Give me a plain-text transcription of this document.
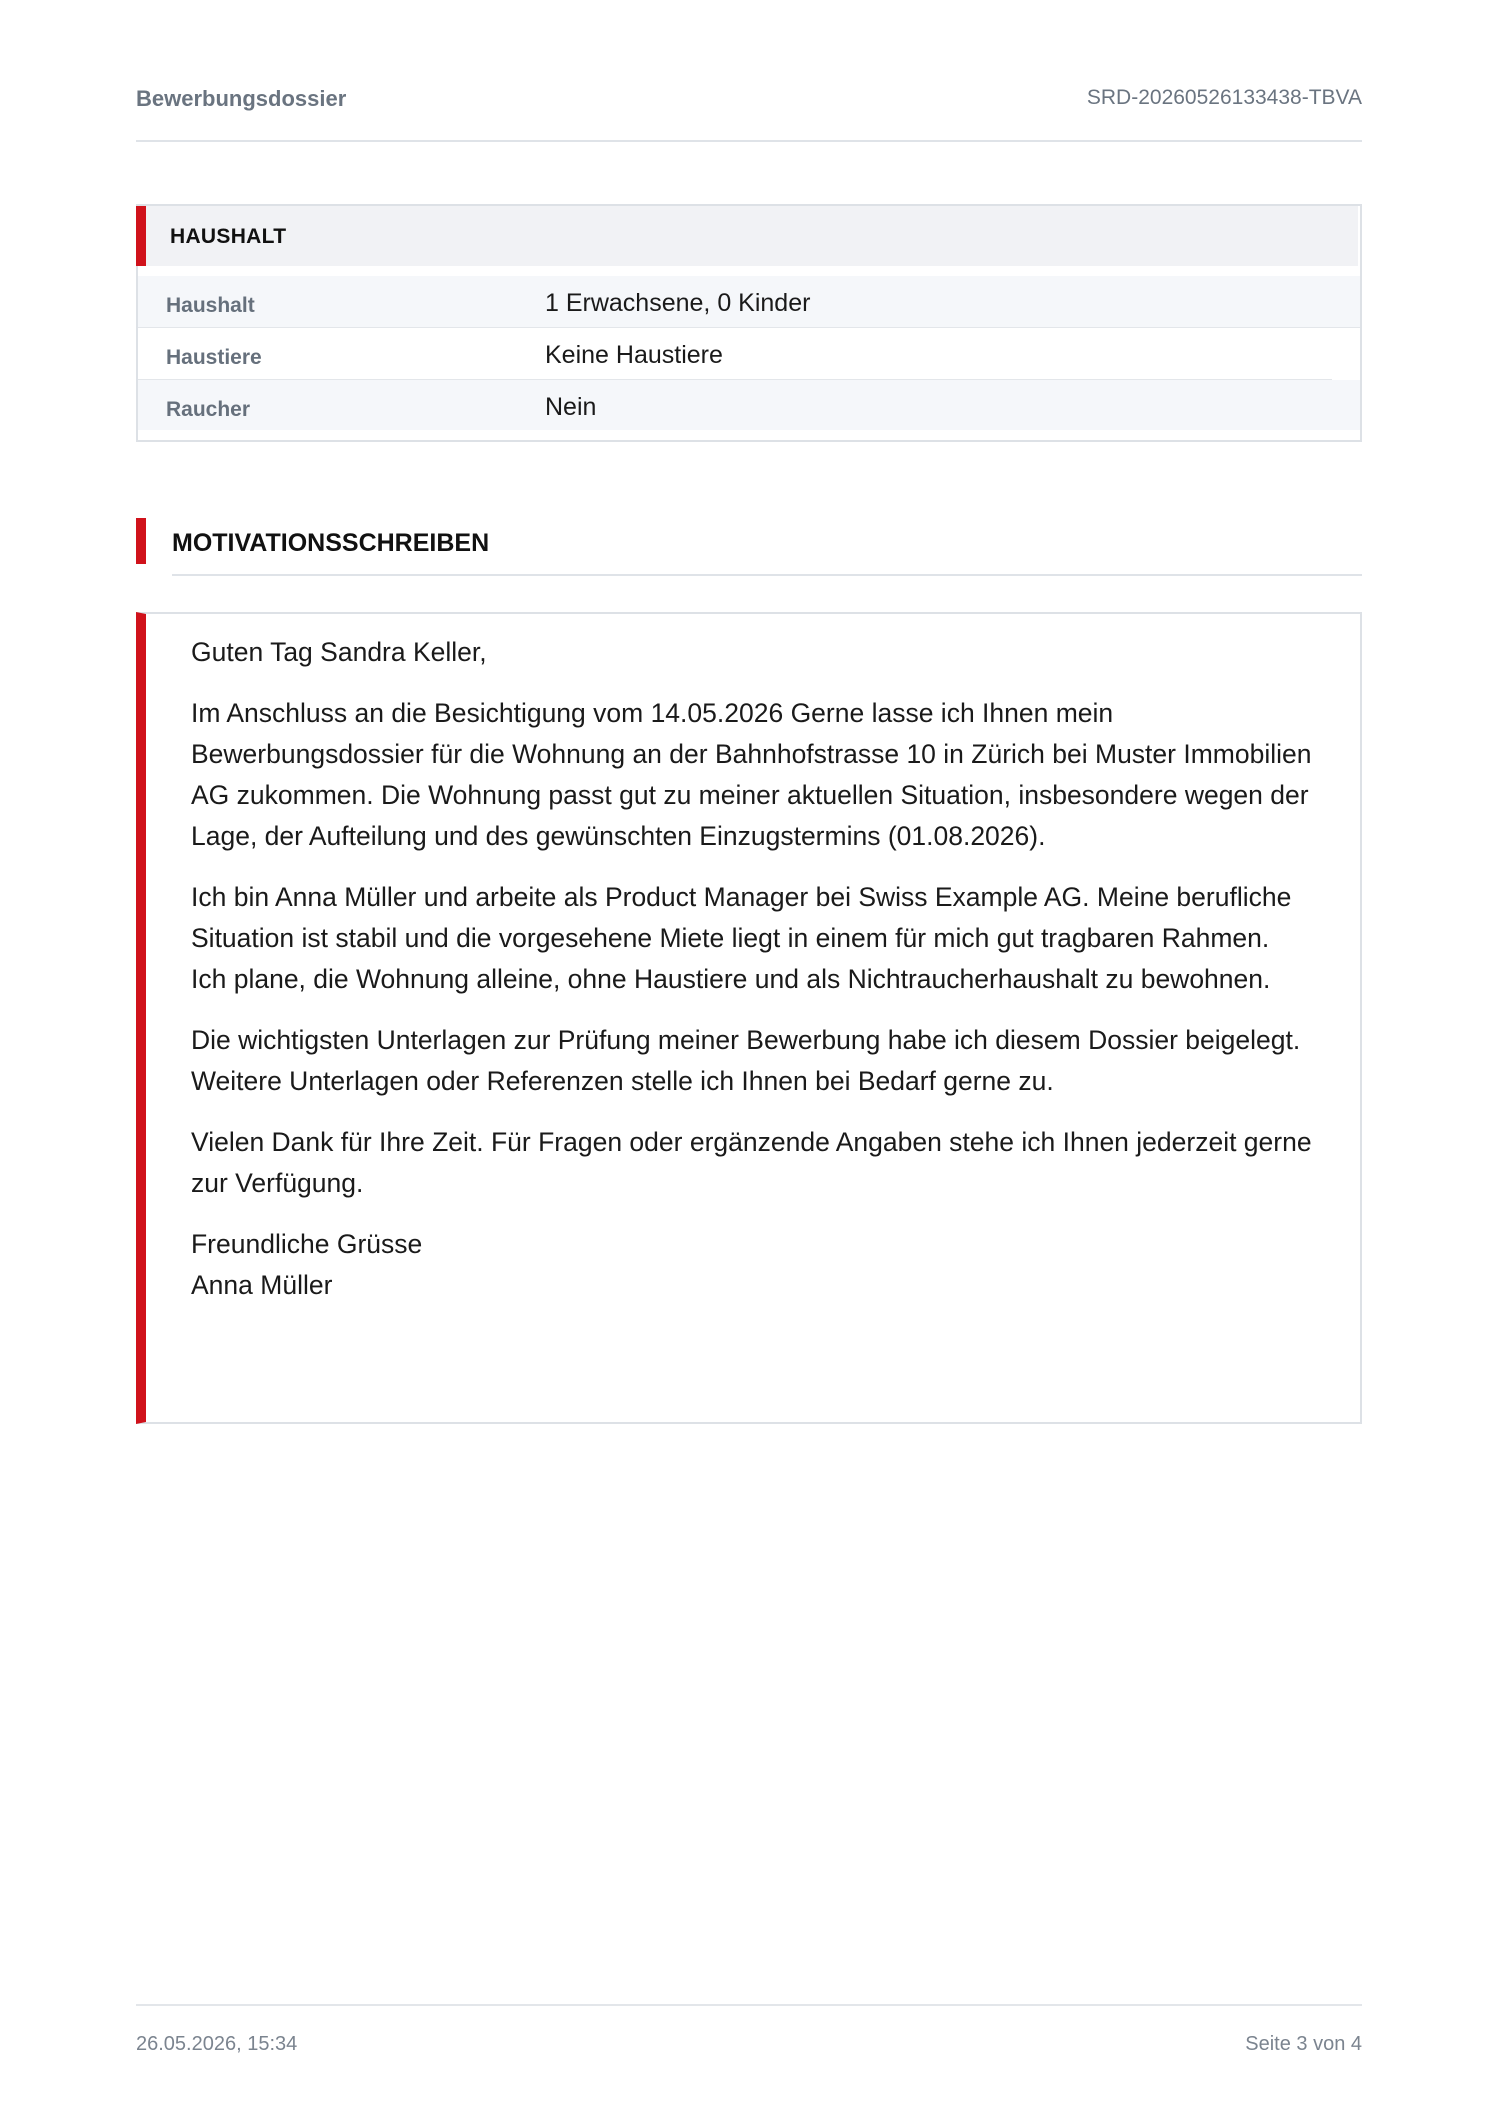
Bewerbungsdossier	SRD-20260526133438-TBVA
HAUSHALT
Haushalt	1 Erwachsene, 0 Kinder
Haustiere	Keine Haustiere
Raucher	Nein
MOTIVATIONSSCHREIBEN

Guten Tag Sandra Keller,

Im Anschluss an die Besichtigung vom 14.05.2026 Gerne lasse ich Ihnen mein Bewerbungsdossier für die Wohnung an der Bahnhofstrasse 10 in Zürich bei Muster Immobilien AG zukommen. Die Wohnung passt gut zu meiner aktuellen Situation, insbesondere wegen der Lage, der Aufteilung und des gewünschten Einzugstermins (01.08.2026).

Ich bin Anna Müller und arbeite als Product Manager bei Swiss Example AG. Meine berufliche Situation ist stabil und die vorgesehene Miete liegt in einem für mich gut tragbaren Rahmen.

Ich plane, die Wohnung alleine, ohne Haustiere und als Nichtraucherhaushalt zu bewohnen.

Die wichtigsten Unterlagen zur Prüfung meiner Bewerbung habe ich diesem Dossier beigelegt. Weitere Unterlagen oder Referenzen stelle ich Ihnen bei Bedarf gerne zu.

Vielen Dank für Ihre Zeit. Für Fragen oder ergänzende Angaben stehe ich Ihnen jederzeit gerne zur Verfügung.

Freundliche Grüsse

Anna Müller

26.05.2026, 15:34	Seite 3 von 4
